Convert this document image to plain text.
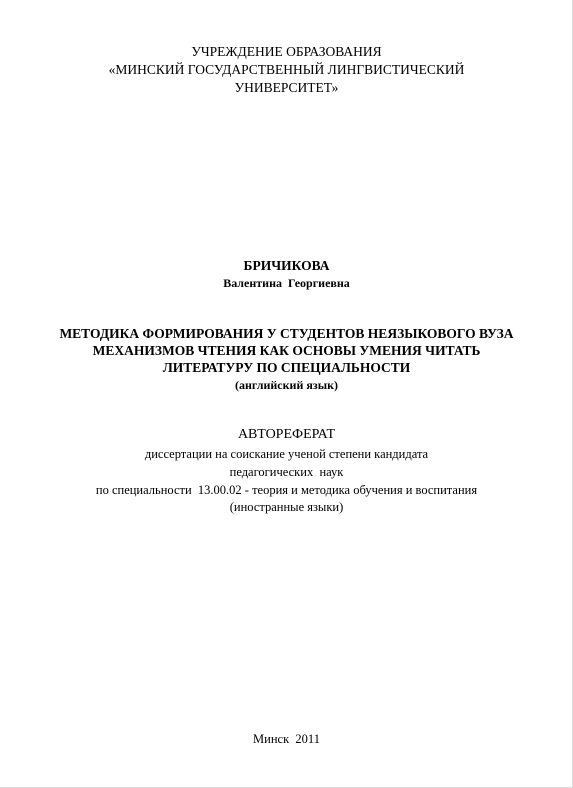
УЧРЕЖДЕНИЕ ОБРАЗОВАНИЯ
«МИНСКИЙ ГОСУДАРСТВЕННЫЙ ЛИНГВИСТИЧЕСКИЙ
УНИВЕРСИТЕТ»
БРИЧИКОВА
Валентина  Георгиевна
МЕТОДИКА ФОРМИРОВАНИЯ У СТУДЕНТОВ НЕЯЗЫКОВОГО ВУЗА
МЕХАНИЗМОВ ЧТЕНИЯ КАК ОСНОВЫ УМЕНИЯ ЧИТАТЬ
ЛИТЕРАТУРУ ПО СПЕЦИАЛЬНОСТИ
(английский язык)
АВТОРЕФЕРАТ
диссертации на соискание ученой степени кандидата
педагогических  наук
по специальности  13.00.02 - теория и методика обучения и воспитания
(иностранные языки)
Минск  2011
